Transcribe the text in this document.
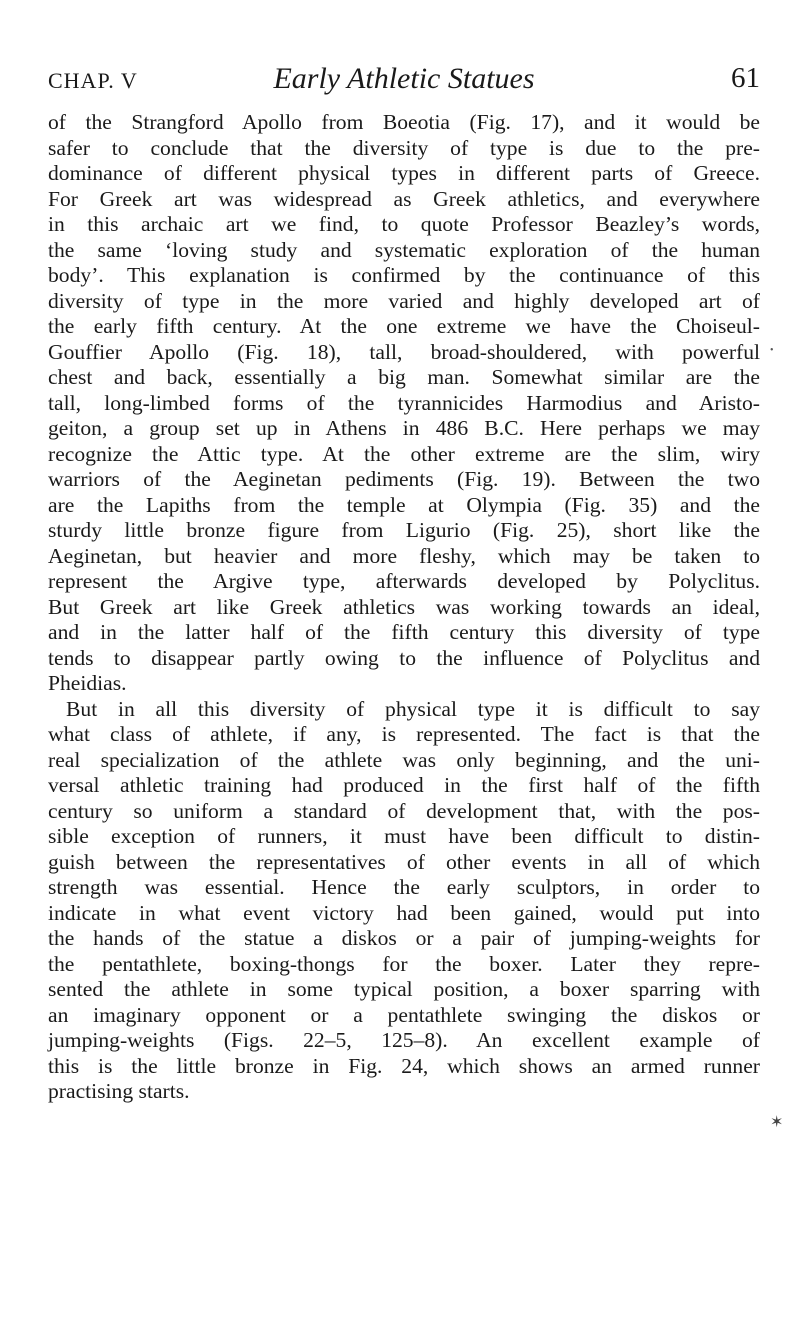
CHAP. V	Early Athletic Statues	61
of the Strangford Apollo from Boeotia (Fig. 17), and it would be
safer to conclude that the diversity of type is due to the pre-
dominance of different physical types in different parts of Greece.
For Greek art was widespread as Greek athletics, and everywhere
in this archaic art we find, to quote Professor Beazley’s words,
the same ‘loving study and systematic exploration of the human
body’. This explanation is confirmed by the continuance of this
diversity of type in the more varied and highly developed art of
the early fifth century. At the one extreme we have the Choiseul-
Gouffier Apollo (Fig. 18), tall, broad-shouldered, with powerful
chest and back, essentially a big man. Somewhat similar are the
tall, long-limbed forms of the tyrannicides Harmodius and Aristo-
geiton, a group set up in Athens in 486 B.C. Here perhaps we may
recognize the Attic type. At the other extreme are the slim, wiry
warriors of the Aeginetan pediments (Fig. 19). Between the two
are the Lapiths from the temple at Olympia (Fig. 35) and the
sturdy little bronze figure from Ligurio (Fig. 25), short like the
Aeginetan, but heavier and more fleshy, which may be taken to
represent the Argive type, afterwards developed by Polyclitus.
But Greek art like Greek athletics was working towards an ideal,
and in the latter half of the fifth century this diversity of type
tends to disappear partly owing to the influence of Polyclitus and
Pheidias.
But in all this diversity of physical type it is difficult to say
what class of athlete, if any, is represented. The fact is that the
real specialization of the athlete was only beginning, and the uni-
versal athletic training had produced in the first half of the fifth
century so uniform a standard of development that, with the pos-
sible exception of runners, it must have been difficult to distin-
guish between the representatives of other events in all of which
strength was essential. Hence the early sculptors, in order to
indicate in what event victory had been gained, would put into
the hands of the statue a diskos or a pair of jumping-weights for
the pentathlete, boxing-thongs for the boxer. Later they repre-
sented the athlete in some typical position, a boxer sparring with
an imaginary opponent or a pentathlete swinging the diskos or
jumping-weights (Figs. 22–5, 125–8). An excellent example of
this is the little bronze in Fig. 24, which shows an armed runner
practising starts.
•
✶
